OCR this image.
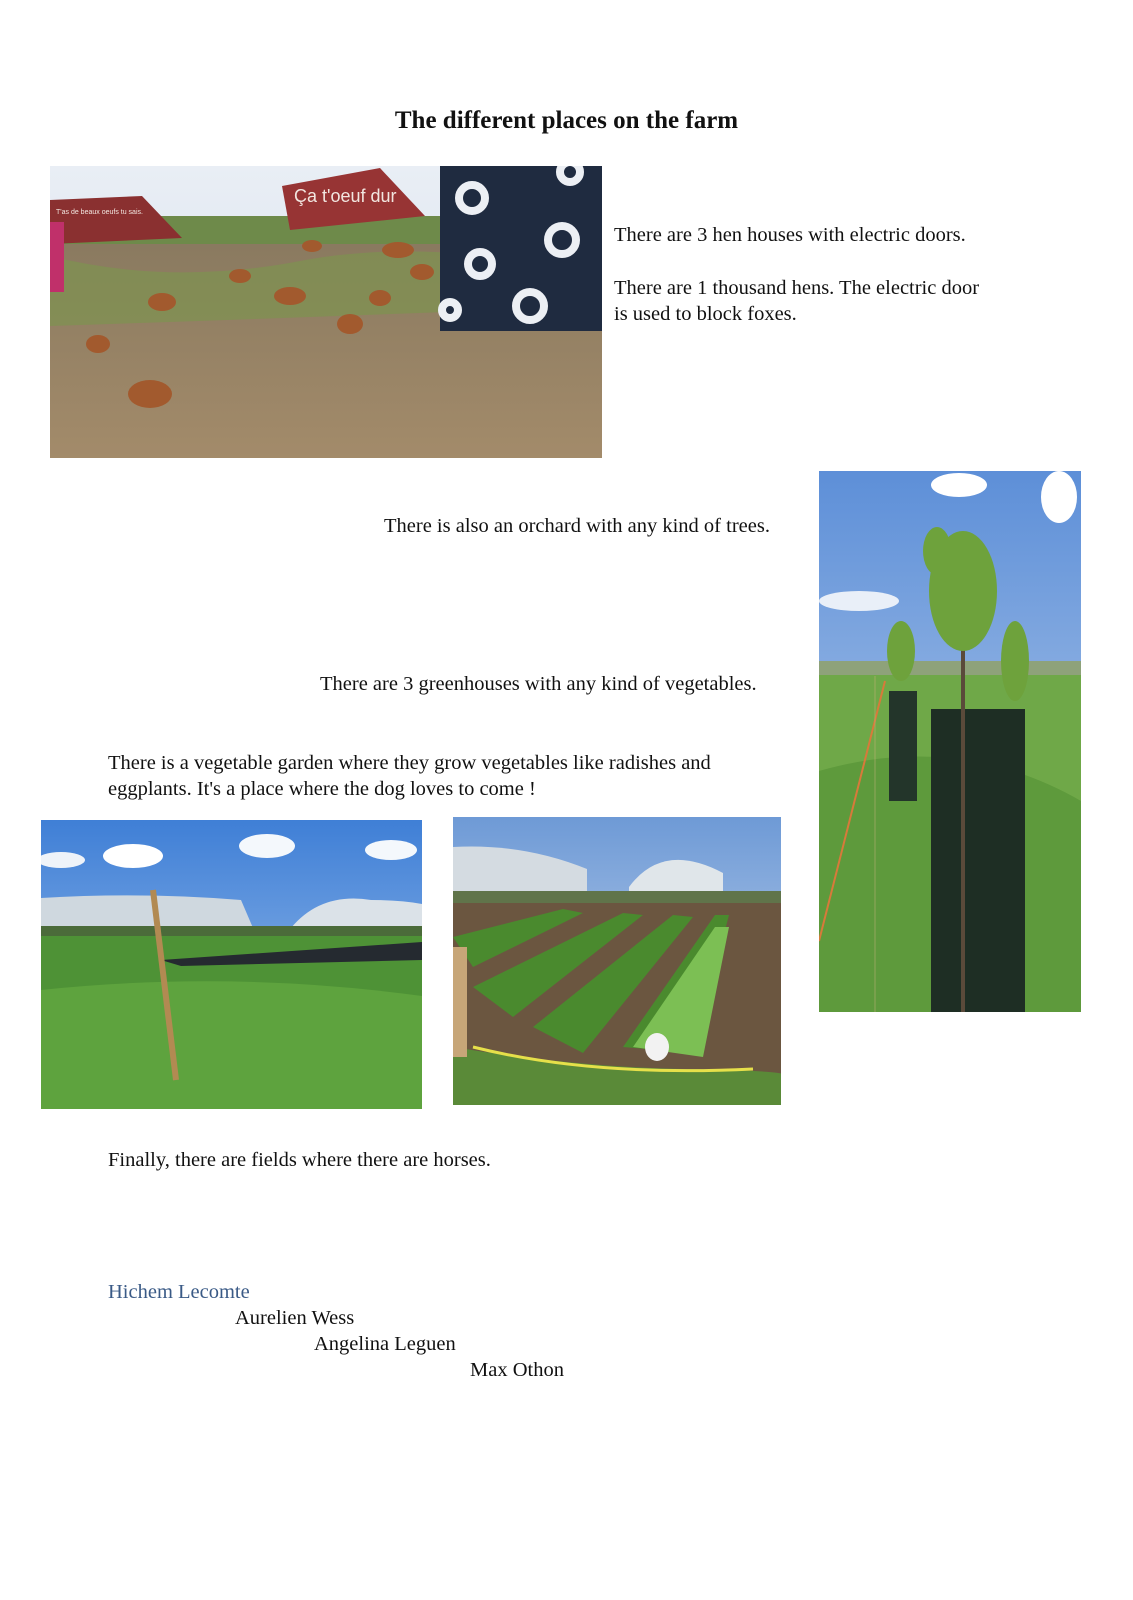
The different places on the farm
Ça t'oeuf dur
T'as de beaux oeufs tu sais.
There are 3 hen houses with electric doors.
There are 1 thousand hens. The electric door
is used to block foxes.
There is also an orchard with any kind of trees.
There are 3 greenhouses with any kind of vegetables.
There is a vegetable garden where they grow vegetables like radishes and
eggplants. It's a place where the dog loves to come !
Finally, there are fields where there are horses.
Hichem Lecomte
Aurelien Wess
Angelina Leguen
Max Othon
